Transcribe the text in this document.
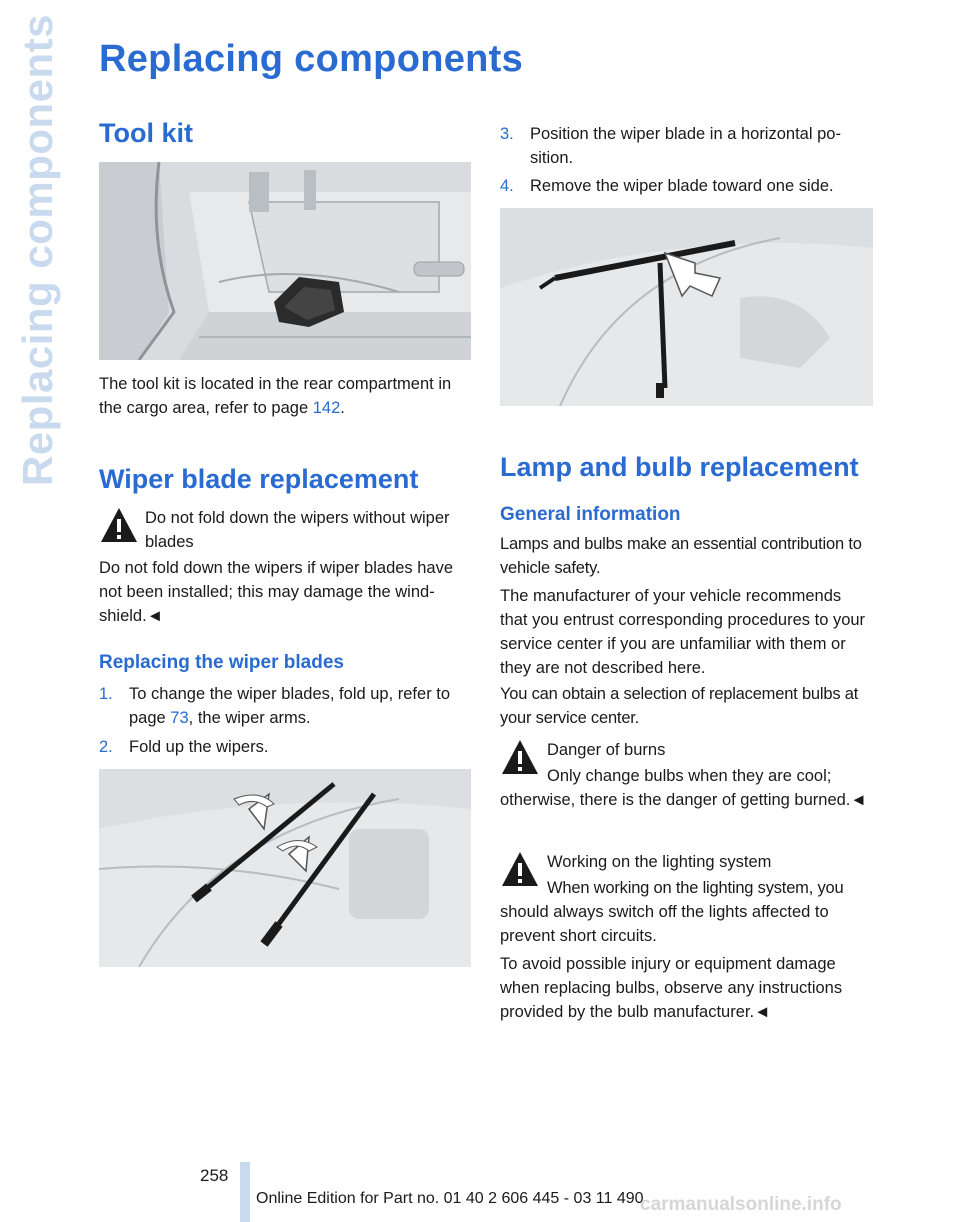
Replacing components Replacing components
Tool kit

The tool kit is located in the rear compartment in the cargo area, refer to page 142.

Wiper blade replacement

Do not fold down the wipers without wiper blades

Do not fold down the wipers if wiper blades have not been installed; this may damage the wind-shield.◄

Replacing the wiper blades
1. To change the wiper blades, fold up, refer to page 73, the wiper arms.
2. Fold up the wipers.
3. Position the wiper blade in a horizontal po-sition.
4. Remove the wiper blade toward one side.
Lamp and bulb replacement
General information

Lamps and bulbs make an essential contribution to vehicle safety.

The manufacturer of your vehicle recommends that you entrust corresponding procedures to your service center if you are unfamiliar with them or they are not described here.

You can obtain a selection of replacement bulbs at your service center.

Danger of burns

Only change bulbs when they are cool;

otherwise, there is the danger of getting burned.◄

Working on the lighting system

When working on the lighting system, you

should always switch off the lights affected to prevent short circuits.

To avoid possible injury or equipment damage when replacing bulbs, observe any instructions provided by the bulb manufacturer.◄

258
Online Edition for Part no. 01 40 2 606 445 - 03 11 490
carmanualsonline.info
